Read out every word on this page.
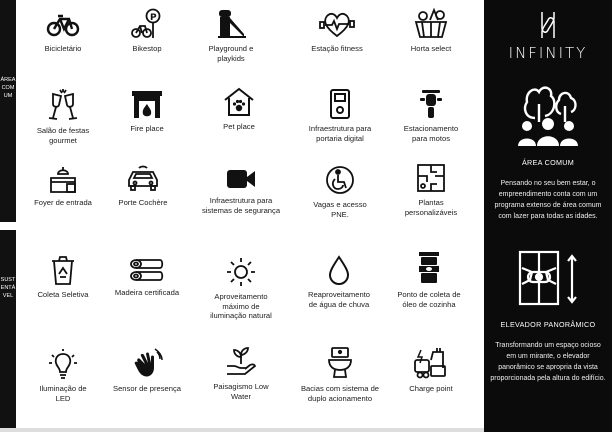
ÁREA COMUM
SUSTENTÁVEL
Bicicletário
P
Bikestop	Playground e
playkids
Estação fitness	Horta select
Salão de festas
gourmet
Fire place	Pet place	Infraestrutura para
portaria digital
Estacionamento
para motos
Foyer de entrada	Porte Cochère	Infraestrutura para
sistemas de segurança
Vagas e acesso
PNE.
Plantas
personalizáveis
Coleta Seletiva	Madeira certificada	Aproveitamento
máximo de
iluminação natural
Reaproveitamento
de água de chuva
Ponto de coleta de
óleo de cozinha
Iluminação de
LED
Sensor de presença	Paisagismo Low
Water
Bacias com sistema de
duplo acionamento
Charge point
INFINITY
ÁREA COMUM
Pensando no seu bem estar, o empreendimento conta com um programa extenso de área comum com lazer para todas as idades.
ELEVADOR PANORÂMICO
Transformando um espaço ocioso em um mirante, o elevador panorâmico se apropria da vista proporcionada pela altura do edifício.
